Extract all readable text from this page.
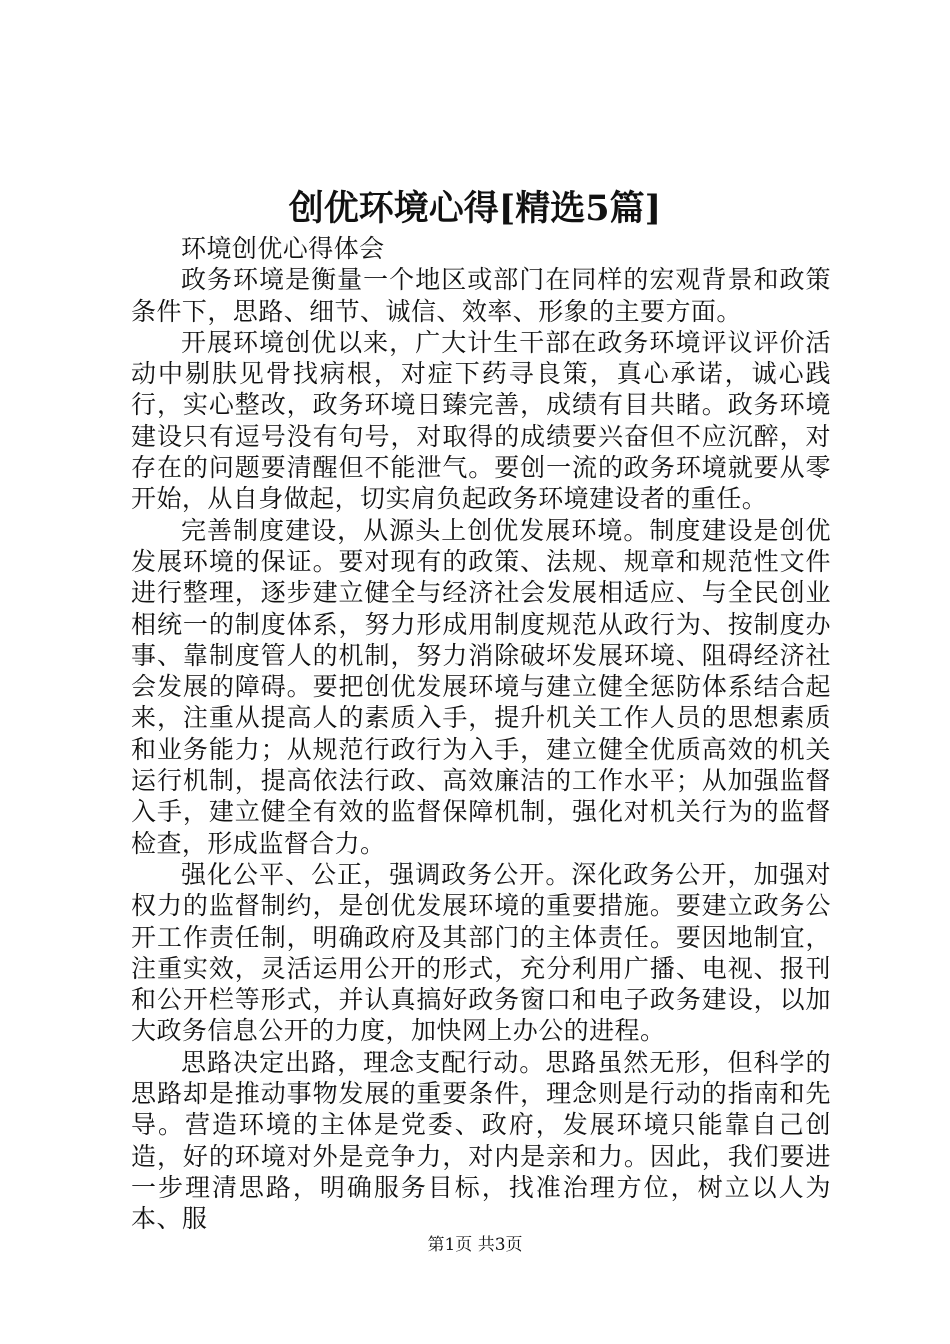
创优环境心得[精选5篇]

环境创优心得体会

政务环境是衡量一个地区或部门在同样的宏观背景和政策条件下，思路、细节、诚信、效率、形象的主要方面。

开展环境创优以来，广大计生干部在政务环境评议评价活动中剔肤见骨找病根，对症下药寻良策，真心承诺，诚心践行，实心整改，政务环境日臻完善，成绩有目共睹。政务环境建设只有逗号没有句号，对取得的成绩要兴奋但不应沉醉，对存在的问题要清醒但不能泄气。要创一流的政务环境就要从零开始，从自身做起，切实肩负起政务环境建设者的重任。

完善制度建设，从源头上创优发展环境。制度建设是创优发展环境的保证。要对现有的政策、法规、规章和规范性文件进行整理，逐步建立健全与经济社会发展相适应、与全民创业相统一的制度体系，努力形成用制度规范从政行为、按制度办事、靠制度管人的机制，努力消除破坏发展环境、阻碍经济社会发展的障碍。要把创优发展环境与建立健全惩防体系结合起来，注重从提高人的素质入手，提升机关工作人员的思想素质和业务能力；从规范行政行为入手，建立健全优质高效的机关运行机制，提高依法行政、高效廉洁的工作水平；从加强监督入手，建立健全有效的监督保障机制，强化对机关行为的监督检查，形成监督合力。

强化公平、公正，强调政务公开。深化政务公开，加强对权力的监督制约，是创优发展环境的重要措施。要建立政务公开工作责任制，明确政府及其部门的主体责任。要因地制宜，注重实效，灵活运用公开的形式，充分利用广播、电视、报刊和公开栏等形式，并认真搞好政务窗口和电子政务建设，以加大政务信息公开的力度，加快网上办公的进程。

思路决定出路，理念支配行动。思路虽然无形，但科学的思路却是推动事物发展的重要条件，理念则是行动的指南和先导。营造环境的主体是党委、政府，发展环境只能靠自己创造，好的环境对外是竞争力，对内是亲和力。因此，我们要进一步理清思路，明确服务目标，找准治理方位，树立以人为本、服

第1页 共3页
